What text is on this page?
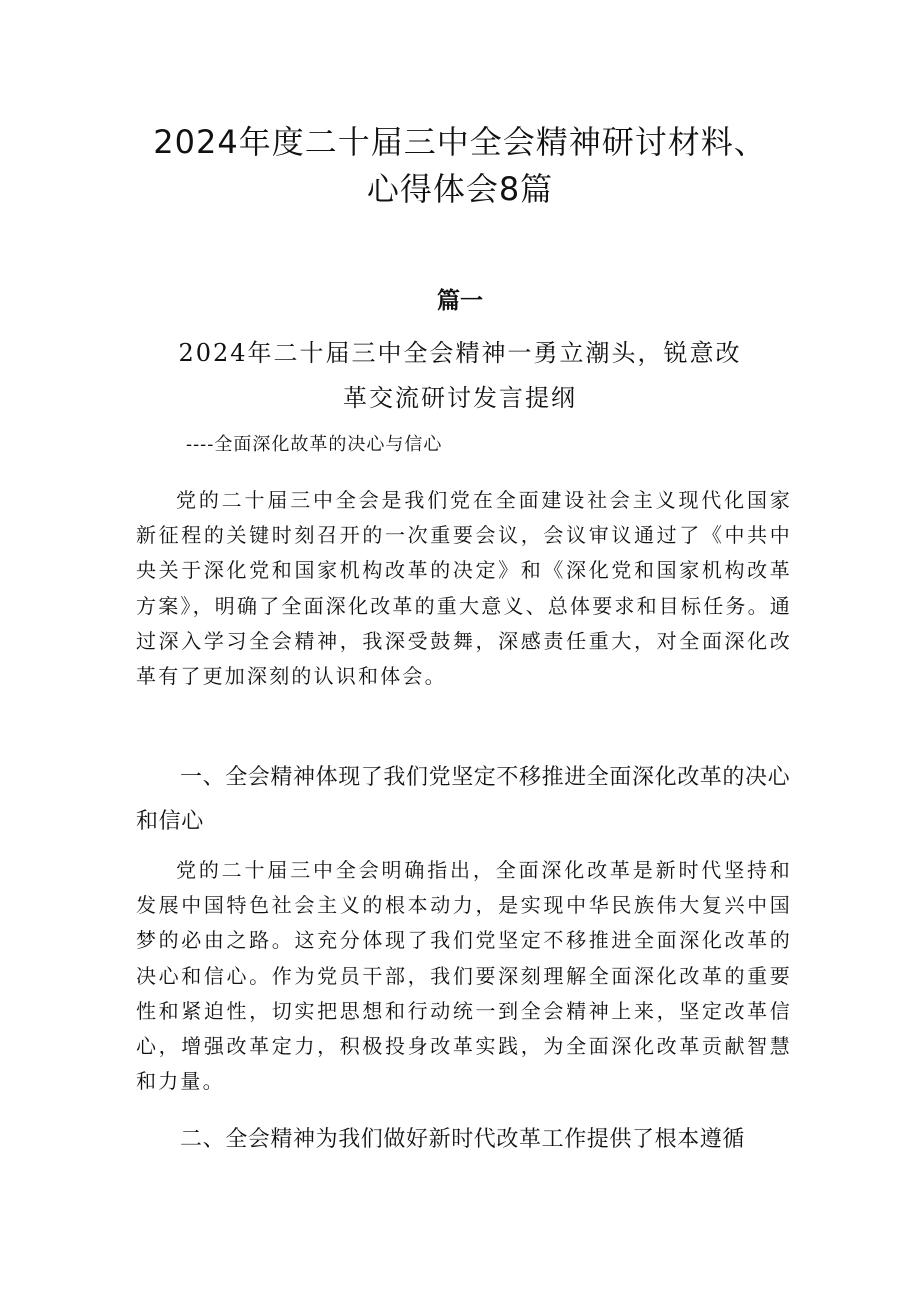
2024年度二十届三中全会精神研讨材料、
心得体会8篇
篇一
2024年二十届三中全会精神一勇立潮头，锐意改
革交流研讨发言提纲
----全面深化故革的决心与信心

党的二十届三中全会是我们党在全面建设社会主义现代化国家新征程的关键时刻召开的一次重要会议，会议审议通过了《中共中央关于深化党和国家机构改革的决定》和《深化党和国家机构改革方案》，明确了全面深化改革的重大意义、总体要求和目标任务。通过深入学习全会精神，我深受鼓舞，深感责任重大，对全面深化改革有了更加深刻的认识和体会。

一、全会精神体现了我们党坚定不移推进全面深化改革的决心和信心

党的二十届三中全会明确指出，全面深化改革是新时代坚持和发展中国特色社会主义的根本动力，是实现中华民族伟大复兴中国梦的必由之路。这充分体现了我们党坚定不移推进全面深化改革的决心和信心。作为党员干部，我们要深刻理解全面深化改革的重要性和紧迫性，切实把思想和行动统一到全会精神上来，坚定改革信心，增强改革定力，积极投身改革实践，为全面深化改革贡献智慧和力量。

二、全会精神为我们做好新时代改革工作提供了根本遵循
